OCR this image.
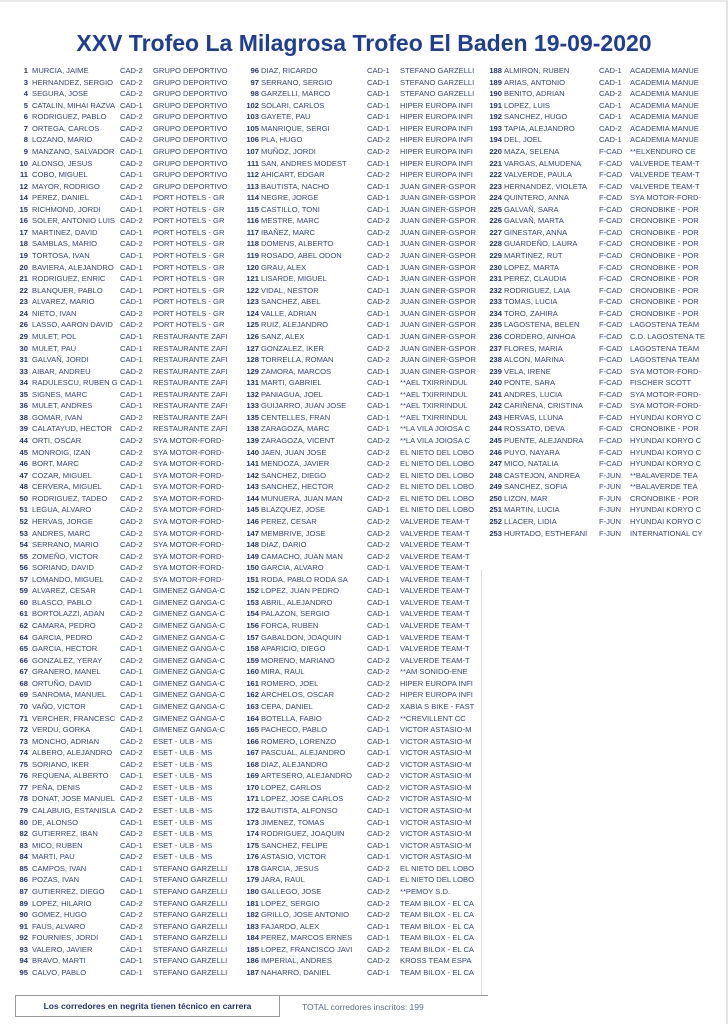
XXV Trofeo La Milagrosa Trofeo El Baden 19-09-2020
1 MURCIA, JAIME	CAD-2	GRUPO DEPORTIVO
3 HERNANDEZ, SERGIO CAD-2	GRUPO DEPORTIVO
4 SEGURA, JOSE	CAD-2	GRUPO DEPORTIVO
5 CATALIN, MIHAI RAZVA CAD-1	GRUPO DEPORTIVO
6 RODRIGUEZ, PABLO	CAD-2	GRUPO DEPORTIVO
7 ORTEGA, CARLOS	CAD-2	GRUPO DEPORTIVO
8 LOZANO, MARIO	CAD-2	GRUPO DEPORTIVO
9 MANZANO, SALVADOR CAD-1	GRUPO DEPORTIVO
10 ALONSO, JESUS	CAD-2	GRUPO DEPORTIVO
11 COBO, MIGUEL	CAD-1	GRUPO DEPORTIVO
12 MAYOR, RODRIGO	CAD-2	GRUPO DEPORTIVO
14 PEREZ, DANIEL	CAD-1	PORT HOTELS - GR
15 RICHMOND, JORDI	CAD-1	PORT HOTELS - GR
16 SOLER, ANTONIO LUIS CAD-2	PORT HOTELS - GR
17 MARTINEZ, DAVID	CAD-1	PORT HOTELS - GR
18 SAMBLAS, MARIO	CAD-2	PORT HOTELS - GR
19 TORTOSA, IVAN	CAD-1	PORT HOTELS - GR
20 BAVIERA, ALEJANDRO CAD-1	PORT HOTELS - GR
21 RODRIGUEZ, ENRIC	CAD-1	PORT HOTELS - GR
22 BLANQUER, PABLO	CAD-1	PORT HOTELS - GR
23 ALVAREZ, MARIO	CAD-1	PORT HOTELS - GR
24 NIETO, IVAN	CAD-2	PORT HOTELS - GR
26 LASSO, AARON DAVID CAD-2	PORT HOTELS - GR
29 MULET, POL	CAD-1	RESTAURANTE ZAFI
30 MULET, PAU	CAD-1	RESTAURANTE ZAFI
31 GALVAÑ, JORDI	CAD-1	RESTAURANTE ZAFI
33 AIBAR, ANDREU	CAD-2	RESTAURANTE ZAFI
34 RADULESCU, RUBEN G CAD-1	RESTAURANTE ZAFI
35 SIGNES, MARC	CAD-1	RESTAURANTE ZAFI
36 MULET, ANDRES	CAD-1	RESTAURANTE ZAFI
38 GOMAR, IVAN	CAD-2	RESTAURANTE ZAFI
39 CALATAYUD, HECTOR	CAD-2	RESTAURANTE ZAFI
44 ORTI, OSCAR	CAD-2	SYA MOTOR-FORD-
45 MONROIG, IZAN	CAD-2	SYA MOTOR-FORD-
46 BORT, MARC	CAD-2	SYA MOTOR-FORD-
47 COZAR, MIGUEL	CAD-1	SYA MOTOR-FORD-
48 CERVERA, MIGUEL	CAD-1	SYA MOTOR-FORD-
50 RODRIGUEZ, TADEO	CAD-2	SYA MOTOR-FORD-
51 LEGUA, ALVARO	CAD-2	SYA MOTOR-FORD-
52 HERVAS, JORGE	CAD-2	SYA MOTOR-FORD-
53 ANDRES, MARC	CAD-2	SYA MOTOR-FORD-
54 SERRANO, MARIO	CAD-2	SYA MOTOR-FORD-
55 ZOMEÑO, VICTOR	CAD-2	SYA MOTOR-FORD-
56 SORIANO, DAVID	CAD-2	SYA MOTOR-FORD-
57 LOMANDO, MIGUEL	CAD-2	SYA MOTOR-FORD-
59 ALVAREZ, CESAR	CAD-1	GIMENEZ GANGA-C
60 BLASCO, PABLO	CAD-1	GIMENEZ GANGA-C
61 BORTOLAZZI, ADAN	CAD-2	GIMENEZ GANGA-C
62 CAMARA, PEDRO	CAD-2	GIMENEZ GANGA-C
64 GARCIA, PEDRO	CAD-2	GIMENEZ GANGA-C
65 GARCIA, HECTOR	CAD-1	GIMENEZ GANGA-C
66 GONZALEZ, YERAY	CAD-2	GIMENEZ GANGA-C
67 GRANERO, MANEL	CAD-1	GIMENEZ GANGA-C
68 ORTUÑO, DAVID	CAD-1	GIMENEZ GANGA-C
69 SANROMA, MANUEL	CAD-1	GIMENEZ GANGA-C
70 VAÑO, VICTOR	CAD-1	GIMENEZ GANGA-C
71 VERCHER, FRANCESC CAD-2	GIMENEZ GANGA-C
72 VERDU, GORKA	CAD-1	GIMENEZ GANGA-C
73 MONCHO, ADRIAN	CAD-2	ESET - ULB - MS
74 ALBERO, ALEJANDRO	CAD-2	ESET - ULB - MS
75 SORIANO, IKER	CAD-2	ESET - ULB - MS
76 REQUENA, ALBERTO	CAD-1	ESET - ULB - MS
77 PEÑA, DENIS	CAD-2	ESET - ULB - MS
78 DONAT, JOSE MANUEL CAD-2	ESET - ULB - MS
79 CALABUIG, ESTANISLA CAD-2	ESET - ULB - MS
80 DE, ALONSO	CAD-1	ESET - ULB - MS
82 GUTIERREZ, IBAN	CAD-2	ESET - ULB - MS
83 MICO, RUBEN	CAD-1	ESET - ULB - MS
84 MARTI, PAU	CAD-2	ESET - ULB - MS
85 CAMPOS, IVAN	CAD-1	STEFANO GARZELLI
86 POZAS, IVAN	CAD-1	STEFANO GARZELLI
87 GUTIERREZ, DIEGO	CAD-1	STEFANO GARZELLI
89 LOPEZ, HILARIO	CAD-2	STEFANO GARZELLI
90 GOMEZ, HUGO	CAD-2	STEFANO GARZELLI
91 FAUS, ALVARO	CAD-2	STEFANO GARZELLI
92 FOURNIES, JORDI	CAD-1	STEFANO GARZELLI
93 VALERO, JAVIER	CAD-1	STEFANO GARZELLI
94 BRAVO, MARTI	CAD-1	STEFANO GARZELLI
95 CALVO, PABLO	CAD-1	STEFANO GARZELLI
96 DIAZ, RICARDO	CAD-1	STEFANO GARZELLI
97 SERRANO, SERGIO	CAD-1	STEFANO GARZELLI
98 GARZELLI, MARCO	CAD-1	STEFANO GARZELLI
102 SOLARI, CARLOS	CAD-1	HIPER EUROPA INFI
103 GAYETE, PAU	CAD-1	HIPER EUROPA INFI
105 MANRIQUE, SERGI	CAD-1	HIPER EUROPA INFI
106 PLA, HUGO	CAD-2	HIPER EUROPA INFI
107 MUÑOZ, JORDI	CAD-2	HIPER EUROPA INFI
111 SAN, ANDRES MODEST	CAD-1	HIPER EUROPA INFI
112 AHICART, EDGAR	CAD-2	HIPER EUROPA INFI
113 BAUTISTA, NACHO	CAD-1	JUAN GINER-GSPOR
114 NEGRE, JORGE	CAD-1	JUAN GINER-GSPOR
115 CASTILLO, TONI	CAD-1	JUAN GINER-GSPOR
116 MESTRE, MARC	CAD-2	JUAN GINER-GSPOR
117 IBAÑEZ, MARC	CAD-2	JUAN GINER-GSPOR
118 DOMENS, ALBERTO	CAD-1	JUAN GINER-GSPOR
119 ROSADO, ABEL ODON	CAD-2	JUAN GINER-GSPOR
120 GRAU, ALEX	CAD-1	JUAN GINER-GSPOR
121 LISARDE, MIGUEL	CAD-1	JUAN GINER-GSPOR
122 VIDAL, NESTOR	CAD-1	JUAN GINER-GSPOR
123 SANCHEZ, ABEL	CAD-2	JUAN GINER-GSPOR
124 VALLE, ADRIAN	CAD-1	JUAN GINER-GSPOR
125 RUIZ, ALEJANDRO	CAD-1	JUAN GINER-GSPOR
126 SANZ, ALEX	CAD-1	JUAN GINER-GSPOR
127 GONZALEZ, IKER	CAD-2	JUAN GINER-GSPOR
128 TORRELLA, ROMAN	CAD-2	JUAN GINER-GSPOR
129 ZAMORA, MARCOS	CAD-1	JUAN GINER-GSPOR
131 MARTI, GABRIEL	CAD-1	**AEL TXIRRINDUL
132 PANIAGUA, JOEL	CAD-1	**AEL TXIRRINDUL
133 GUIJARRO, JUAN JOSE	CAD-1	**AEL TXIRRINDUL
135 CENTELLES, FRAN	CAD-1	**AEL TXIRRINDUL
138 ZARAGOZA, MARC	CAD-1	**LA VILA JOIOSA C
139 ZARAGOZA, VICENT	CAD-2	**LA VILA JOIOSA C
140 JAEN, JUAN JOSE	CAD-2	EL NIETO DEL LOBO
141 MENDOZA, JAVIER	CAD-2	EL NIETO DEL LOBO
142 SANCHEZ, DIEGO	CAD-2	EL NIETO DEL LOBO
143 SANCHEZ, HECTOR	CAD-2	EL NIETO DEL LOBO
144 MUNUERA, JUAN MAN	CAD-2	EL NIETO DEL LOBO
145 BLAZQUEZ, JOSE	CAD-1	EL NIETO DEL LOBO
146 PEREZ, CESAR	CAD-2	VALVERDE TEAM-T
147 MEMBRIVE, JOSE	CAD-2	VALVERDE TEAM-T
148 DIAZ, DARIO	CAD-2	VALVERDE TEAM-T
149 CAMACHO, JUAN MAN	CAD-2	VALVERDE TEAM-T
150 GARCIA, ALVARO	CAD-1	VALVERDE TEAM-T
151 RODA, PABLO RODA SA	CAD-1	VALVERDE TEAM-T
152 LOPEZ, JUAN PEDRO	CAD-1	VALVERDE TEAM-T
153 ABRIL, ALEJANDRO	CAD-1	VALVERDE TEAM-T
154 PALAZON, SERGIO	CAD-1	VALVERDE TEAM-T
156 FORCA, RUBEN	CAD-1	VALVERDE TEAM-T
157 GABALDON, JOAQUIN	CAD-1	VALVERDE TEAM-T
158 APARICIO, DIEGO	CAD-1	VALVERDE TEAM-T
159 MORENO, MARIANO	CAD-2	VALVERDE TEAM-T
160 MIRA, RAUL	CAD-2	**AM SONIDO-ENE
161 ROMERO, JOEL	CAD-2	HIPER EUROPA INFI
162 ARCHELOS, OSCAR	CAD-2	HIPER EUROPA INFI
163 CEPA, DANIEL	CAD-2	XABIA S BIKE - FAST
164 BOTELLA, FABIO	CAD-2	**CREVILLENT CC
165 PACHECO, PABLO	CAD-1	VICTOR ASTASIO-M
166 ROMERO, LORENZO	CAD-1	VICTOR ASTASIO-M
167 PASCUAL, ALEJANDRO	CAD-1	VICTOR ASTASIO-M
168 DIAZ, ALEJANDRO	CAD-2	VICTOR ASTASIO-M
169 ARTESERO, ALEJANDRO	CAD-2	VICTOR ASTASIO-M
170 LOPEZ, CARLOS	CAD-2	VICTOR ASTASIO-M
171 LOPEZ, JOSE CARLOS	CAD-2	VICTOR ASTASIO-M
172 BAUTISTA, ALFONSO	CAD-1	VICTOR ASTASIO-M
173 JIMENEZ, TOMAS	CAD-1	VICTOR ASTASIO-M
174 RODRIGUEZ, JOAQUIN	CAD-2	VICTOR ASTASIO-M
175 SANCHEZ, FELIPE	CAD-1	VICTOR ASTASIO-M
176 ASTASIO, VICTOR	CAD-1	VICTOR ASTASIO-M
178 GARCIA, JESUS	CAD-2	EL NIETO DEL LOBO
179 JARA, RAUL	CAD-1	EL NIETO DEL LOBO
180 GALLEGO, JOSE	CAD-2	**PEMOY S.D.
181 LOPEZ, SERGIO	CAD-2	TEAM BILOX - EL CA
182 GRILLO, JOSE ANTONIO	CAD-2	TEAM BILOX - EL CA
183 FAJARDO, ALEX	CAD-1	TEAM BILOX - EL CA
184 PEREZ, MARCOS ERNES	CAD-1	TEAM BILOX - EL CA
185 LOPEZ, FRANCISCO JAVI	CAD-2	TEAM BILOX - EL CA
186 IMPERIAL, ANDRES	CAD-2	KROSS TEAM ESPA
187 NAHARRO, DANIEL	CAD-1	TEAM BILOX - EL CA
188 ALMIRON, RUBEN	CAD-1	ACADEMIA MANUE
189 ARIAS, ANTONIO	CAD-1	ACADEMIA MANUE
190 BENITO, ADRIAN	CAD-2	ACADEMIA MANUE
191 LOPEZ, LUIS	CAD-1	ACADEMIA MANUE
192 SANCHEZ, HUGO	CAD-1	ACADEMIA MANUE
193 TAPIA, ALEJANDRO	CAD-2	ACADEMIA MANUE
194 DEL, JOEL	CAD-1	ACADEMIA MANUE
220 MAZA, SELENA	F-CAD	**ELXENDURO CE
221 VARGAS, ALMUDENA	F-CAD	VALVERDE TEAM-T
222 VALVERDE, PAULA	F-CAD	VALVERDE TEAM-T
223 HERNANDEZ, VIOLETA	F-CAD	VALVERDE TEAM-T
224 QUINTERO, ANNA	F-CAD	SYA MOTOR-FORD-
225 GALVAÑ, SARA	F-CAD	CRONOBIKE - POR
226 GALVAÑ, MARTA	F-CAD	CRONOBIKE - POR
227 GINESTAR, ANNA	F-CAD	CRONOBIKE - POR
228 GUARDEÑO, LAURA	F-CAD	CRONOBIKE - POR
229 MARTINEZ, RUT	F-CAD	CRONOBIKE - POR
230 LOPEZ, MARTA	F-CAD	CRONOBIKE - POR
231 PEREZ, CLAUDIA	F-CAD	CRONOBIKE - POR
232 RODRIGUEZ, LAIA	F-CAD	CRONOBIKE - POR
233 TOMAS, LUCIA	F-CAD	CRONOBIKE - POR
234 TORO, ZAHIRA	F-CAD	CRONOBIKE - POR
235 LAGOSTENA, BELEN	F-CAD	LAGOSTENA TEAM
236 CORDERO, AINHOA	F-CAD	C.D. LAGOSTENA TE
237 FLORES, MARIA	F-CAD	LAGOSTENA TEAM
238 ALCON, MARINA	F-CAD	LAGOSTENA TEAM
239 VELA, IRENE	F-CAD	SYA MOTOR-FORD-
240 PONTE, SARA	F-CAD	FISCHER SCOTT
241 ANDRES, LUCIA	F-CAD	SYA MOTOR-FORD-
242 CARIÑENA, CRISTINA	F-CAD	SYA MOTOR-FORD-
243 HERVAS, LLUNA	F-CAD	HYUNDAI KORYO C
244 ROSSATO, DEVA	F-CAD	CRONOBIKE - POR
245 PUENTE, ALEJANDRA	F-CAD	HYUNDAI KORYO C
246 PUYO, NAYARA	F-CAD	HYUNDAI KORYO C
247 MICO, NATALIA	F-CAD	HYUNDAI KORYO C
248 CASTEJON, ANDREA	F-JUN	**BALAVERDE TEA
249 SANCHEZ, SOFIA	F-JUN	**BALAVERDE TEA
250 LIZON, MAR	F-JUN	CRONOBIKE - POR
251 MARTIN, LUCIA	F-JUN	HYUNDAI KORYO C
252 LLACER, LIDIA	F-JUN	HYUNDAI KORYO C
253 HURTADO, ESTHEFANI	F-JUN	INTERNATIONAL CY
Los corredores en negrita tienen técnico en carrera	TOTAL corredores inscritos: 199
